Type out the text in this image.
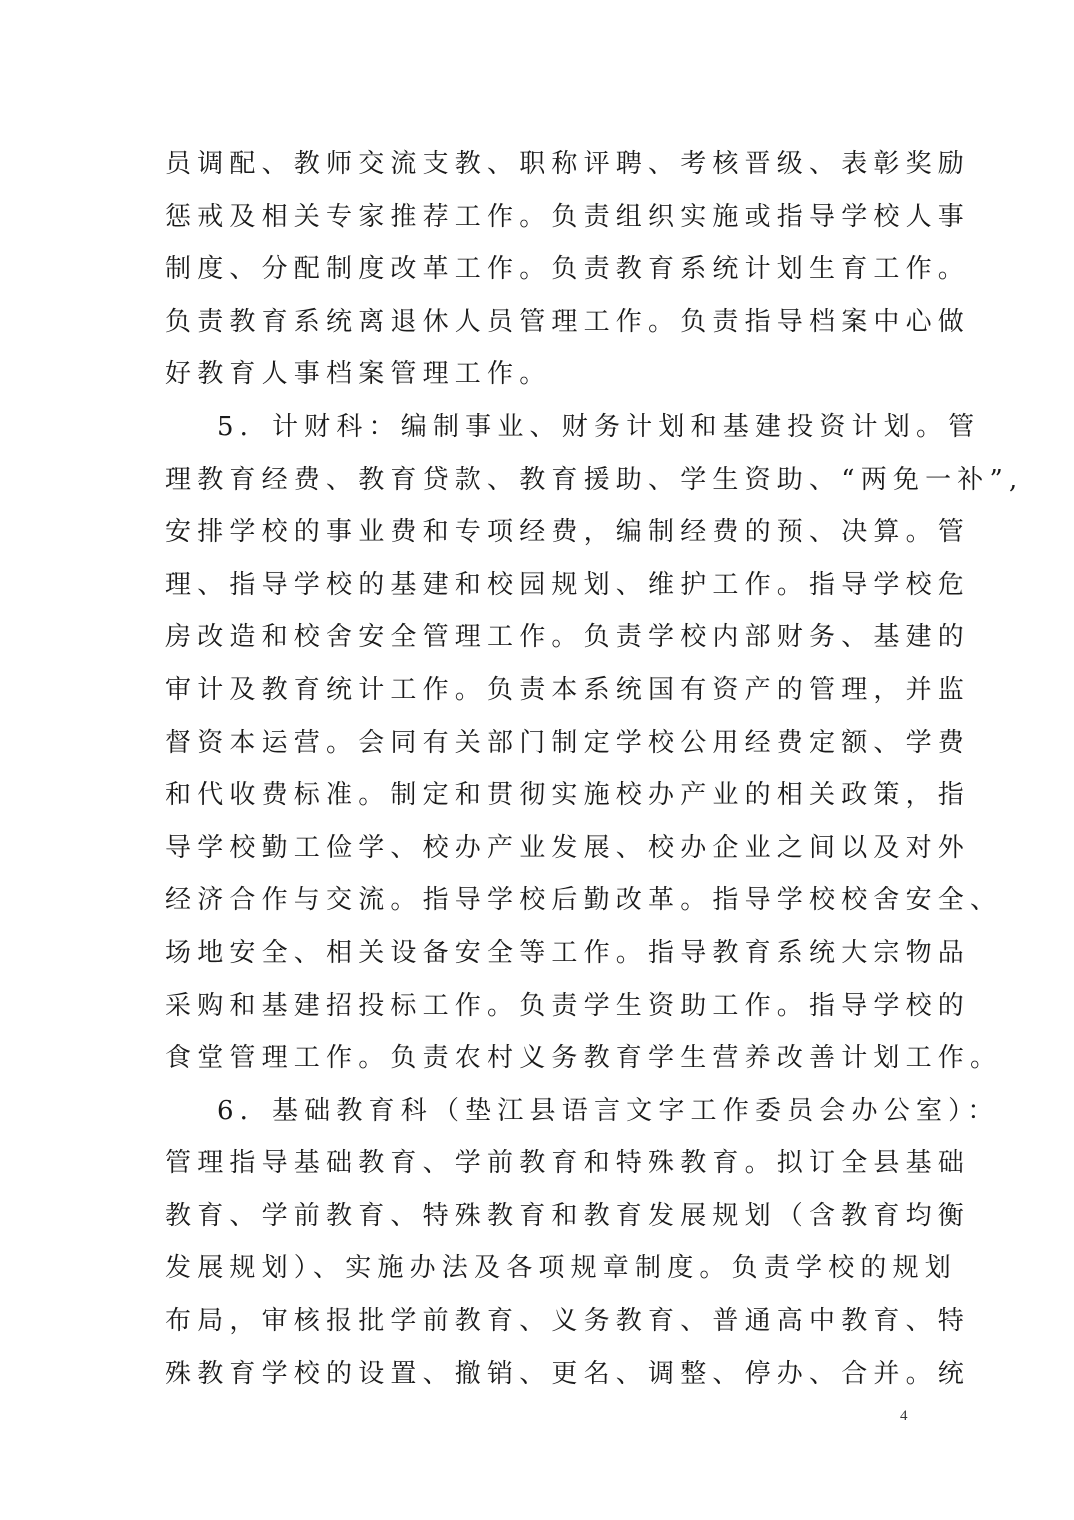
员调配、教师交流支教、职称评聘、考核晋级、表彰奖励
惩戒及相关专家推荐工作。负责组织实施或指导学校人事
制度、分配制度改革工作。负责教育系统计划生育工作。
负责教育系统离退休人员管理工作。负责指导档案中心做
好教育人事档案管理工作。
5．计财科：编制事业、财务计划和基建投资计划。管
理教育经费、教育贷款、教育援助、学生资助、“两免一补”,
安排学校的事业费和专项经费，编制经费的预、决算。管
理、指导学校的基建和校园规划、维护工作。指导学校危
房改造和校舍安全管理工作。负责学校内部财务、基建的
审计及教育统计工作。负责本系统国有资产的管理，并监
督资本运营。会同有关部门制定学校公用经费定额、学费
和代收费标准。制定和贯彻实施校办产业的相关政策，指
导学校勤工俭学、校办产业发展、校办企业之间以及对外
经济合作与交流。指导学校后勤改革。指导学校校舍安全、
场地安全、相关设备安全等工作。指导教育系统大宗物品
采购和基建招投标工作。负责学生资助工作。指导学校的
食堂管理工作。负责农村义务教育学生营养改善计划工作。
6．基础教育科（垫江县语言文字工作委员会办公室）：
管理指导基础教育、学前教育和特殊教育。拟订全县基础
教育、学前教育、特殊教育和教育发展规划（含教育均衡
发展规划）、实施办法及各项规章制度。负责学校的规划
布局，审核报批学前教育、义务教育、普通高中教育、特
殊教育学校的设置、撤销、更名、调整、停办、合并。统
4
